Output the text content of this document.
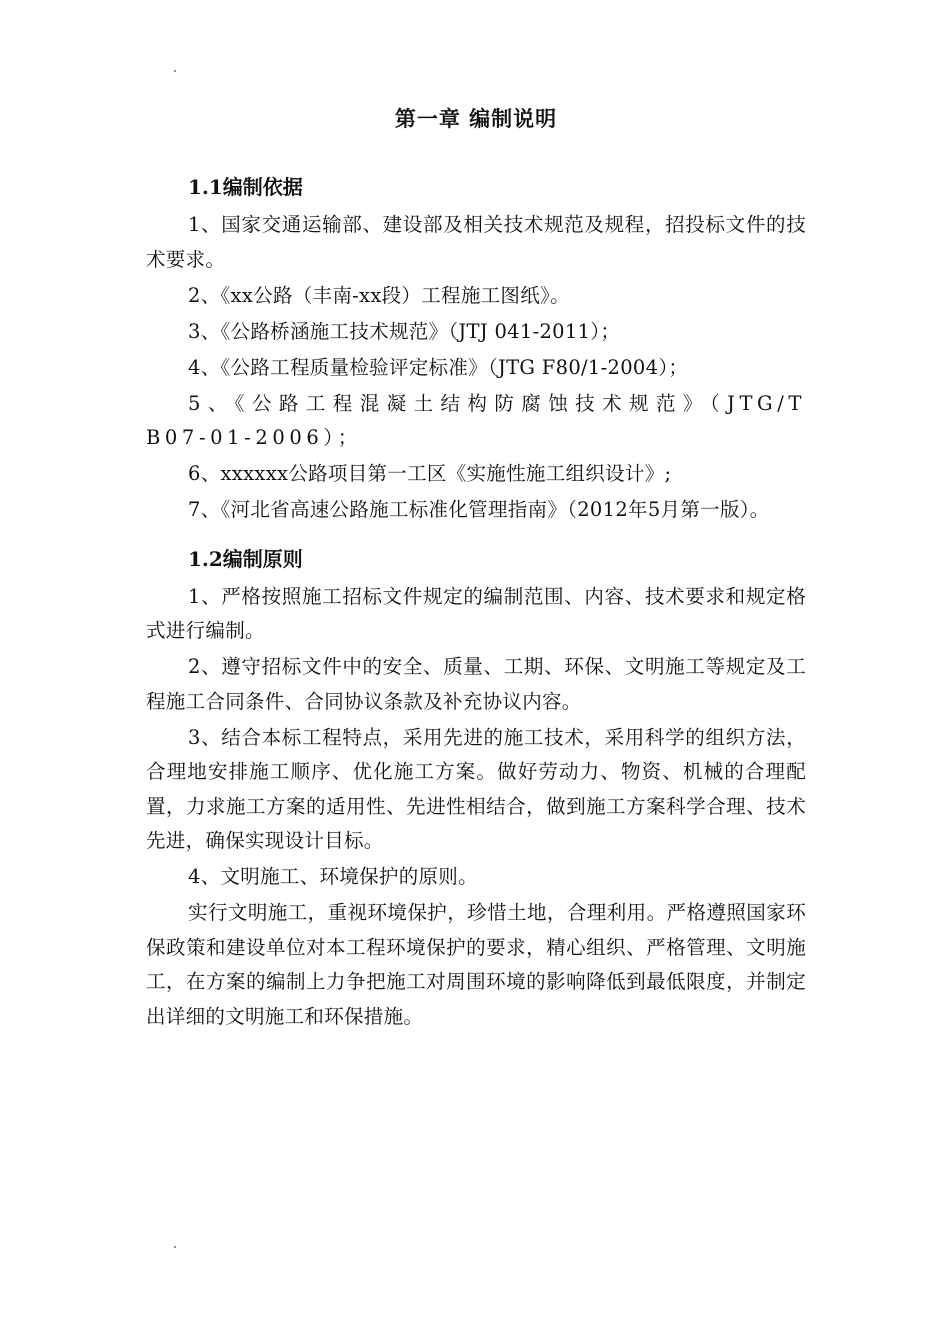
第一章 编制说明
1.1编制依据

1、国家交通运输部、建设部及相关技术规范及规程，招投标文件的技术要求。

2、《xx公路（丰南-xx段）工程施工图纸》。

3、《公路桥涵施工技术规范》（JTJ 041-2011）；

4、《公路工程质量检验评定标准》（JTG F80/1-2004）；

5、《公路工程混凝土结构防腐蚀技术规范》（JTG/T B07-01-2006）；

6、xxxxxx公路项目第一工区《实施性施工组织设计》;

7、《河北省高速公路施工标准化管理指南》（2012年5月第一版）。

1.2编制原则

1、严格按照施工招标文件规定的编制范围、内容、技术要求和规定格式进行编制。

2、遵守招标文件中的安全、质量、工期、环保、文明施工等规定及工程施工合同条件、合同协议条款及补充协议内容。

3、结合本标工程特点，采用先进的施工技术，采用科学的组织方法，合理地安排施工顺序、优化施工方案。做好劳动力、物资、机械的合理配置，力求施工方案的适用性、先进性相结合，做到施工方案科学合理、技术先进，确保实现设计目标。

4、文明施工、环境保护的原则。

实行文明施工，重视环境保护，珍惜土地，合理利用。严格遵照国家环保政策和建设单位对本工程环境保护的要求，精心组织、严格管理、文明施工，在方案的编制上力争把施工对周围环境的影响降低到最低限度，并制定出详细的文明施工和环保措施。
